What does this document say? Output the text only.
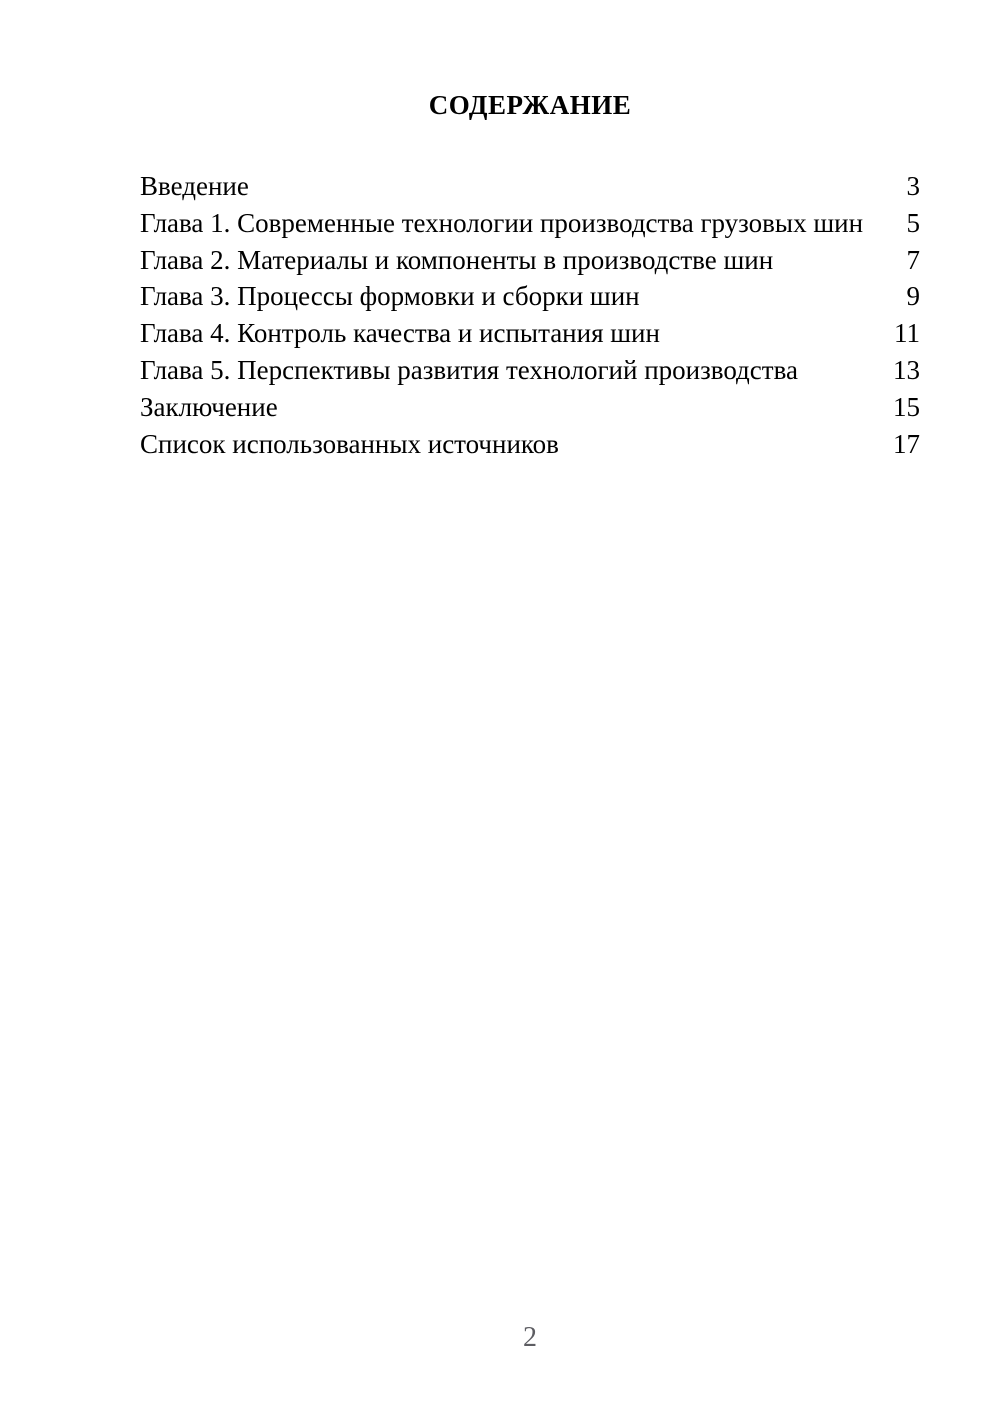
СОДЕРЖАНИЕ
Введение	3
Глава 1. Современные технологии производства грузовых шин	5
Глава 2. Материалы и компоненты в производстве шин	7
Глава 3. Процессы формовки и сборки шин	9
Глава 4. Контроль качества и испытания шин	11
Глава 5. Перспективы развития технологий производства	13
Заключение	15
Список использованных источников	17
2
